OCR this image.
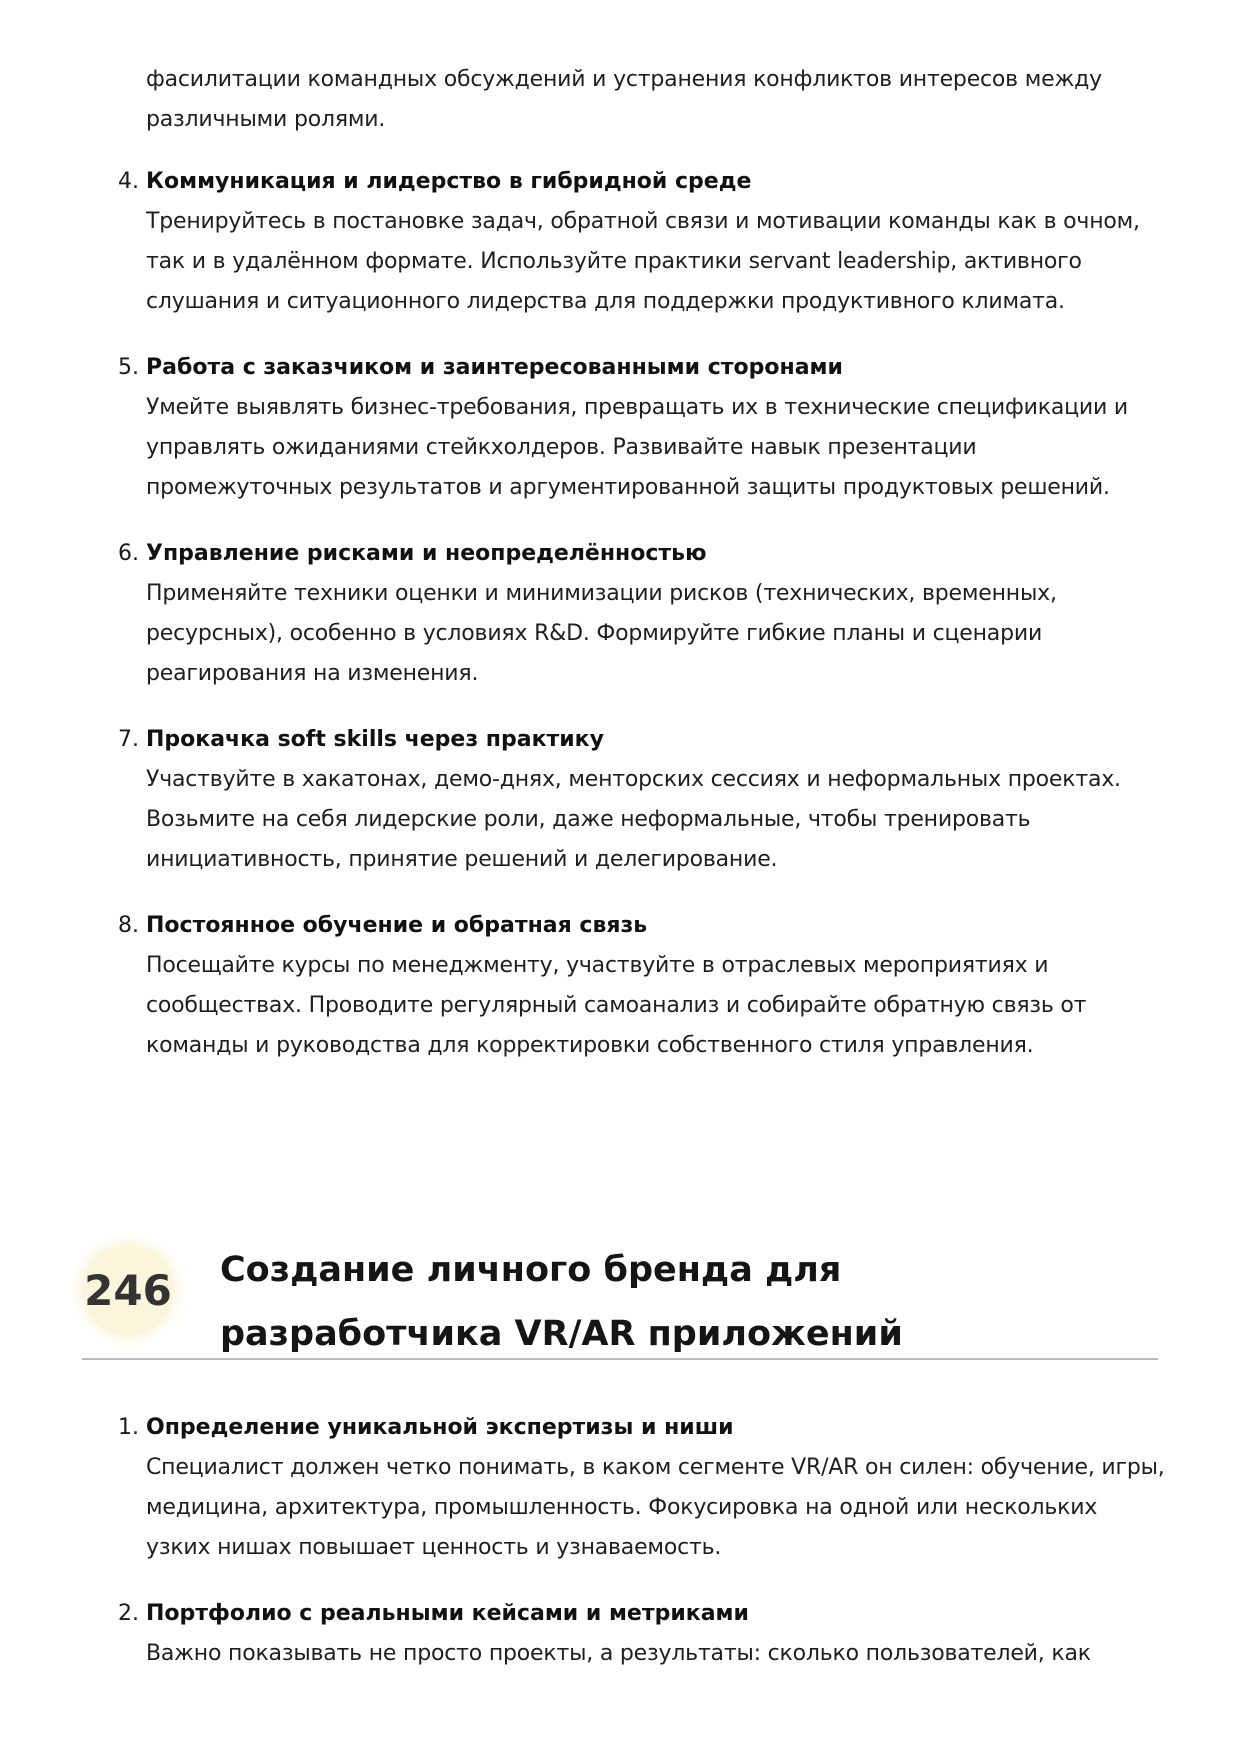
фасилитации командных обсуждений и устранения конфликтов интересов между различными ролями.

4. Коммуникация и лидерство в гибридной среде

Тренируйтесь в постановке задач, обратной связи и мотивации команды как в очном, так и в удалённом формате. Используйте практики servant leadership, активного слушания и ситуационного лидерства для поддержки продуктивного климата.

5. Работа с заказчиком и заинтересованными сторонами

Умейте выявлять бизнес-требования, превращать их в технические спецификации и управлять ожиданиями стейкхолдеров. Развивайте навык презентации промежуточных результатов и аргументированной защиты продуктовых решений.

6. Управление рисками и неопределённостью

Применяйте техники оценки и минимизации рисков (технических, временных, ресурсных), особенно в условиях R&D. Формируйте гибкие планы и сценарии реагирования на изменения.

7. Прокачка soft skills через практику

Участвуйте в хакатонах, демо-днях, менторских сессиях и неформальных проектах. Возьмите на себя лидерские роли, даже неформальные, чтобы тренировать инициативность, принятие решений и делегирование.

8. Постоянное обучение и обратная связь

Посещайте курсы по менеджменту, участвуйте в отраслевых мероприятиях и сообществах. Проводите регулярный самоанализ и собирайте обратную связь от команды и руководства для корректировки собственного стиля управления.

246 Создание личного бренда для разработчика VR/AR приложений
1. Определение уникальной экспертизы и ниши

Специалист должен четко понимать, в каком сегменте VR/AR он силен: обучение, игры, медицина, архитектура, промышленность. Фокусировка на одной или нескольких узких нишах повышает ценность и узнаваемость.

2. Портфолио с реальными кейсами и метриками

Важно показывать не просто проекты, а результаты: сколько пользователей, как
